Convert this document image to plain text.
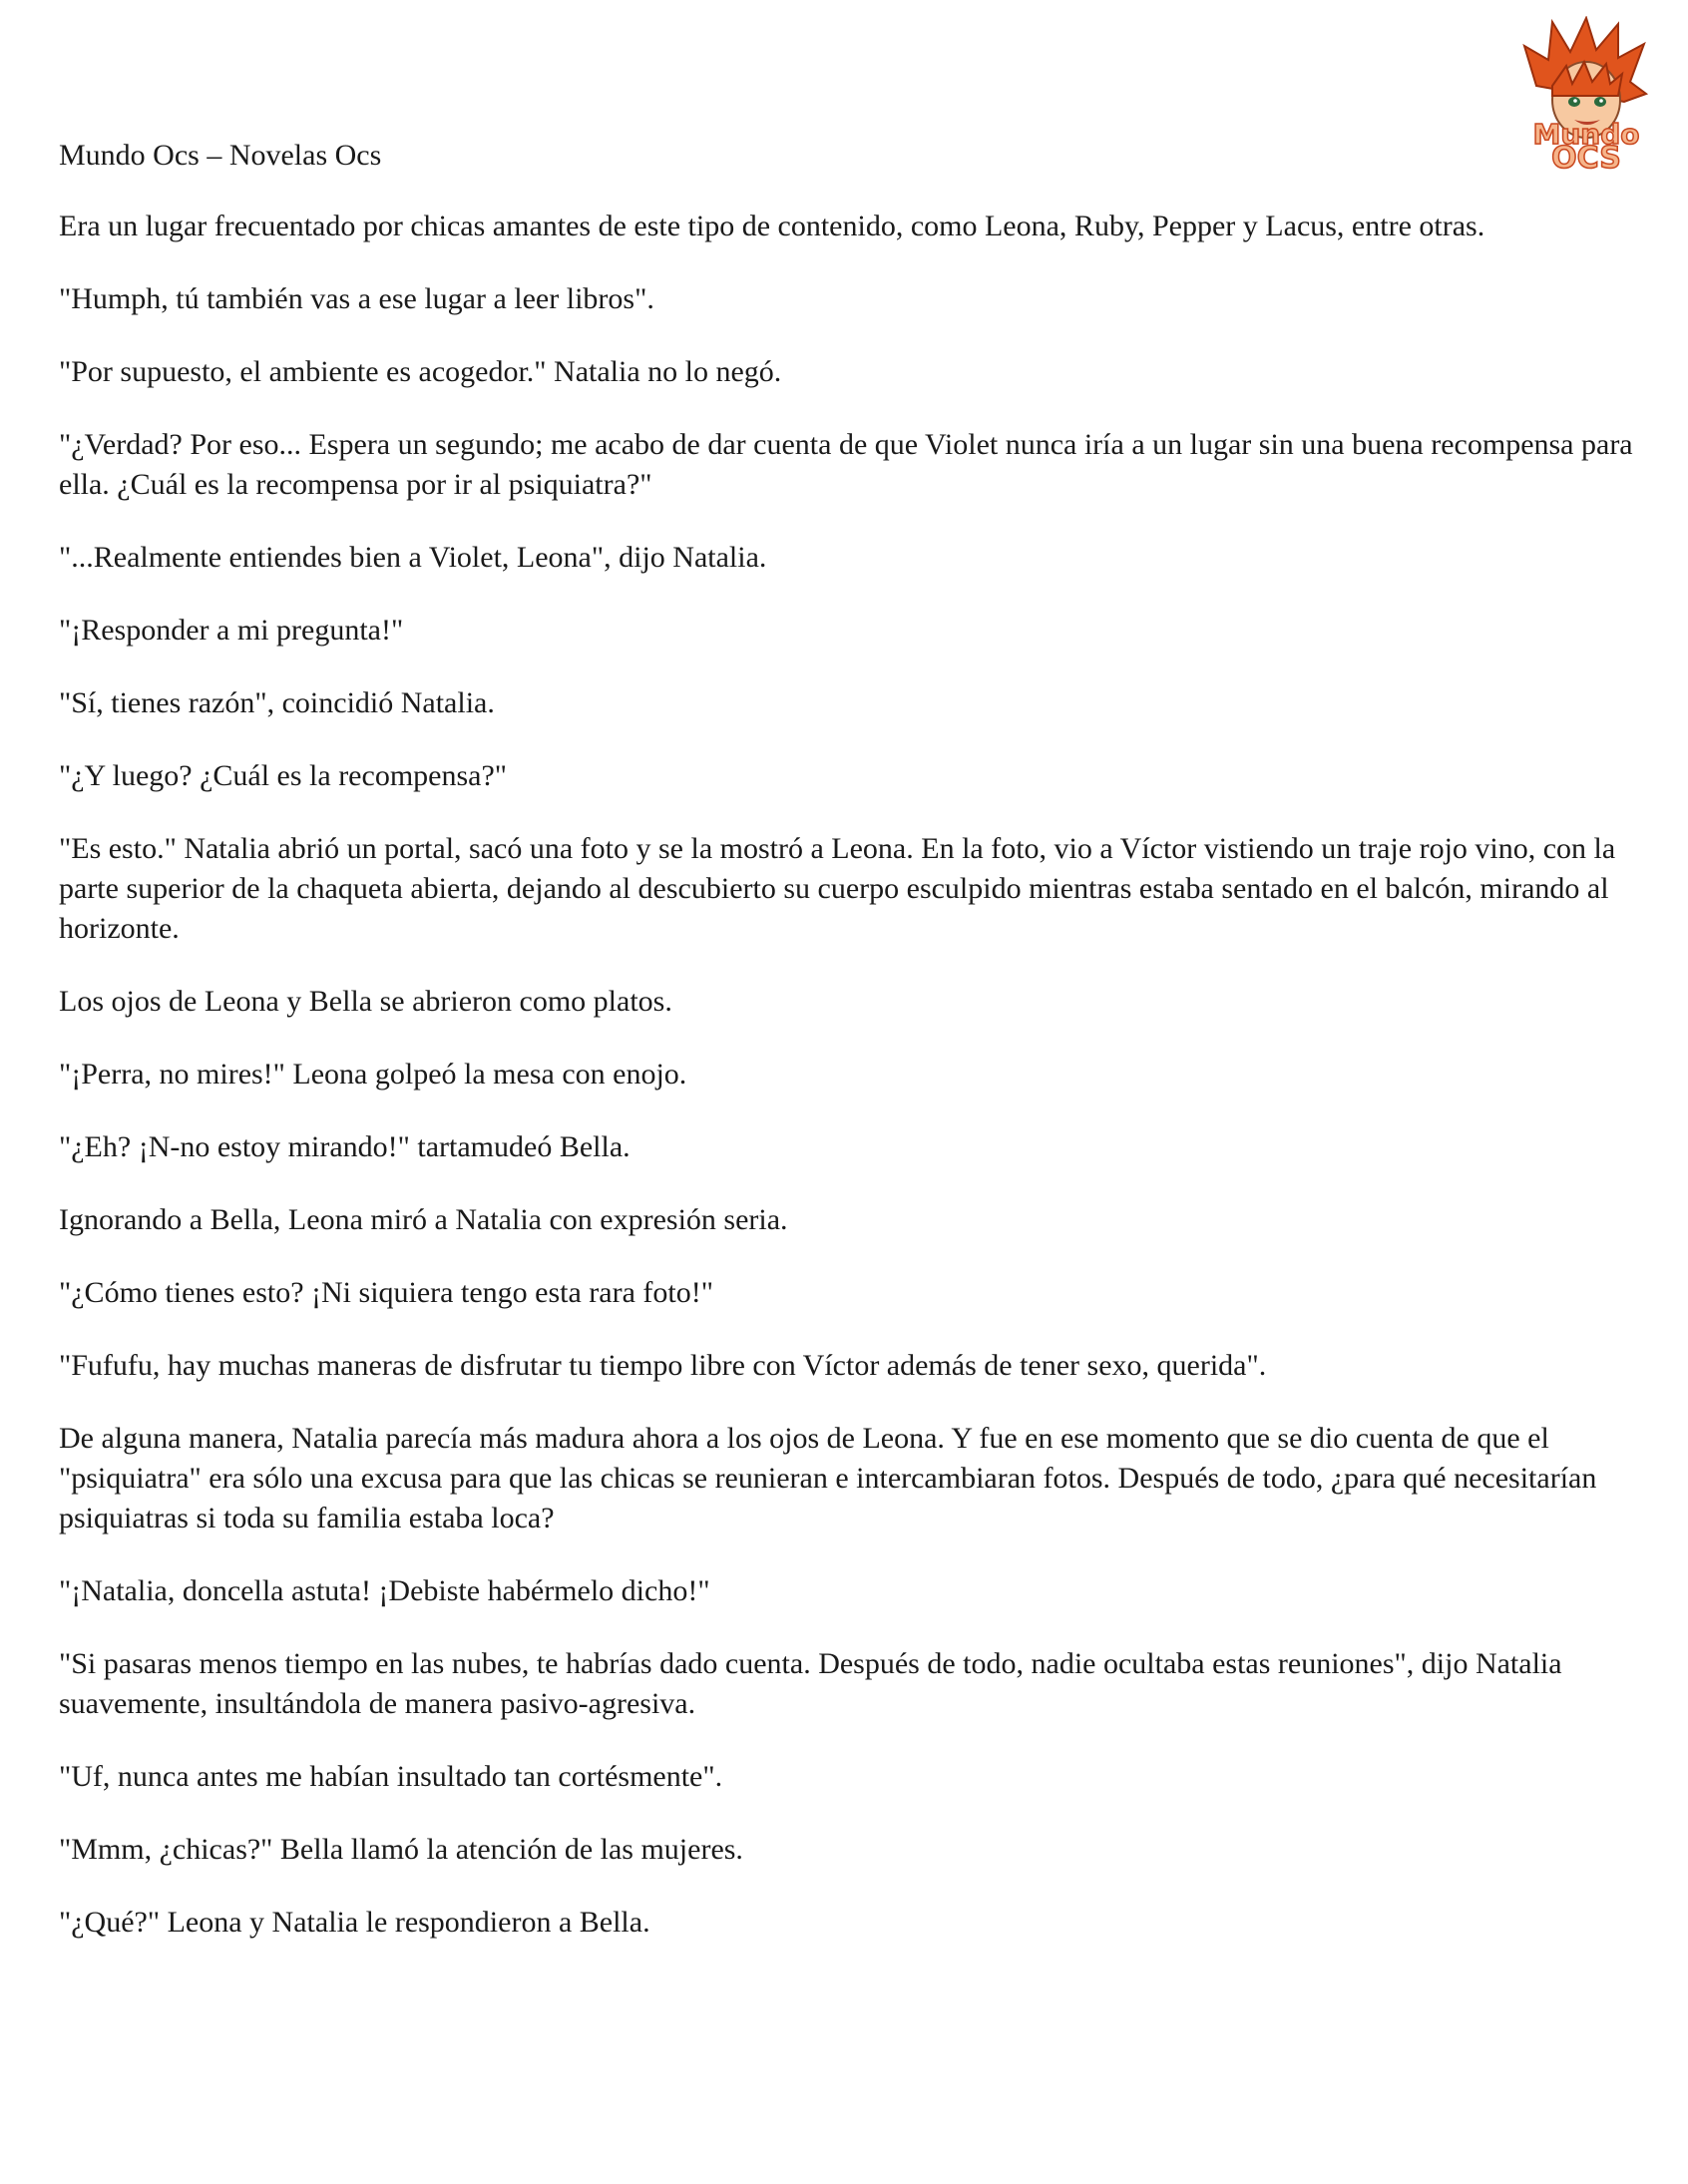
Mundo Ocs – Novelas Ocs
Mundo
OCS

Era un lugar frecuentado por chicas amantes de este tipo de contenido, como Leona, Ruby, Pepper y Lacus, entre otras.

"Humph, tú también vas a ese lugar a leer libros".

"Por supuesto, el ambiente es acogedor." Natalia no lo negó.

"¿Verdad? Por eso... Espera un segundo; me acabo de dar cuenta de que Violet nunca iría a un lugar sin una buena recompensa para ella. ¿Cuál es la recompensa por ir al psiquiatra?"

"...Realmente entiendes bien a Violet, Leona", dijo Natalia.

"¡Responder a mi pregunta!"

"Sí, tienes razón", coincidió Natalia.

"¿Y luego? ¿Cuál es la recompensa?"

"Es esto." Natalia abrió un portal, sacó una foto y se la mostró a Leona. En la foto, vio a Víctor vistiendo un traje rojo vino, con la parte superior de la chaqueta abierta, dejando al descubierto su cuerpo esculpido mientras estaba sentado en el balcón, mirando al horizonte.

Los ojos de Leona y Bella se abrieron como platos.

"¡Perra, no mires!" Leona golpeó la mesa con enojo.

"¿Eh? ¡N-no estoy mirando!" tartamudeó Bella.

Ignorando a Bella, Leona miró a Natalia con expresión seria.

"¿Cómo tienes esto? ¡Ni siquiera tengo esta rara foto!"

"Fufufu, hay muchas maneras de disfrutar tu tiempo libre con Víctor además de tener sexo, querida".

De alguna manera, Natalia parecía más madura ahora a los ojos de Leona. Y fue en ese momento que se dio cuenta de que el "psiquiatra" era sólo una excusa para que las chicas se reunieran e intercambiaran fotos. Después de todo, ¿para qué necesitarían psiquiatras si toda su familia estaba loca?

"¡Natalia, doncella astuta! ¡Debiste habérmelo dicho!"

"Si pasaras menos tiempo en las nubes, te habrías dado cuenta. Después de todo, nadie ocultaba estas reuniones", dijo Natalia suavemente, insultándola de manera pasivo-agresiva.

"Uf, nunca antes me habían insultado tan cortésmente".

"Mmm, ¿chicas?" Bella llamó la atención de las mujeres.

"¿Qué?" Leona y Natalia le respondieron a Bella.
